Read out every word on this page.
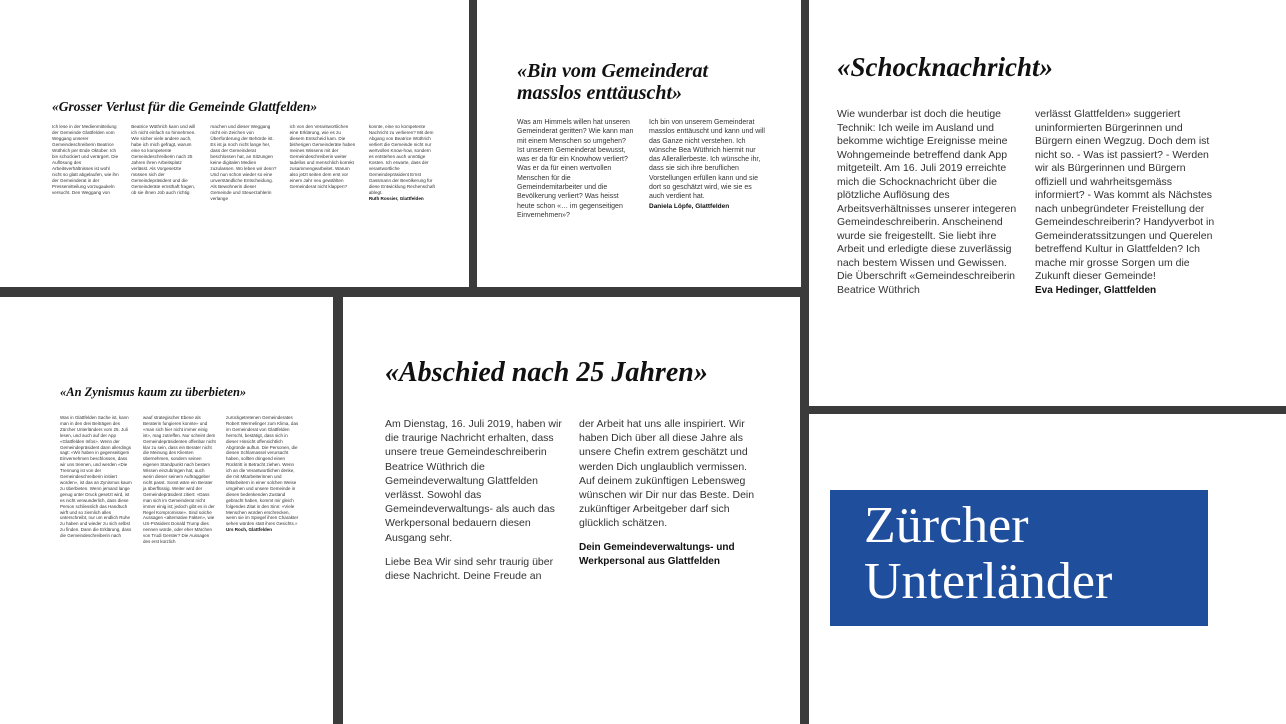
«Grosser Verlust für die Gemeinde Glattfelden»
Ich lese in der Medienmitteilung der Gemeinde Glattfelden vom Weggang unserer Gemeindeschreiberin Beatrice Wüthrich per Ende Oktober. Ich bin schockiert und verärgert. Die Auflösung des Arbeitsverhältnisses ist wohl nicht so glatt abgelaufen, wie ihn der Gemeinderat in der Pressemitteilung vorzugaukeln versucht. Den Weggang von
Beatrice Wüthrich kann und will ich nicht einfach so hinnehmen. Wie sicher viele andere auch, habe ich mich gefragt, warum eine so kompetente Gemeindeschreiberin nach 25 Jahren ihren Arbeitsplatz verlässt. Als Vorgesetzte müssen sich der Gemeindepräsident und die Gemeinderäte ernsthaft fragen, ob sie ihnen Job auch richtig
machen und dieser Weggang nicht ein Zeichen von Überforderung der Behörde ist. Es ist ja noch nicht lange her, dass der Gemeinderat beschlossen hat, an Sitzungen keine digitalen Medien zuzulassen. Wo leben wir denn? Und nun schon wieder so eine unverständliche Entscheidung. Als Bewohnerin dieser Gemeinde und Steuerzahlerin verlange
ich von den Verantwortlichen eine Erklärung, wie es zu diesem Entscheid kam. Die bisherigen Gemeinderäte haben meines Wissens mit der Gemeindeschreiberin weiter tadellos und menschlich korrekt zusammengearbeitet. Warum also jetzt seiten dem erst vor einem Jahr neu gewählten Gemeinderat nicht klappen?
konnte, eine so kompetente Nachricht zu verlieren? Mit dem Abgang von Beatrice Wüthrich verliert die Gemeinde nicht nur wertvolles Know-how, sondern es entstehen auch unnötige Kosten. Ich erwarte, dass der verantwortliche Gemeindepräsident Ernst Gassmann der Bevölkerung für diese Entwicklung Rechenschaft ablegt.
Ruth Rossier, Glattfelden
«Bin vom Gemeinderat masslos enttäuscht»
Was am Himmels willen hat unseren Gemeinderat geritten? Wie kann man mit einem Menschen so umgehen? Ist unserem Gemeinderat bewusst, was er da für ein Knowhow verliert? Was er da für einen wertvollen Menschen für die Gemeindemitarbeiter und die Bevölkerung verliert? Was heisst heute schon «… im gegenseitigen Einvernehmen»?
Ich bin von unserem Gemeinderat masslos enttäuscht und kann und will das Ganze nicht verstehen. Ich wünsche Bea Wüthrich hiermit nur das Allerallerbeste. Ich wünsche ihr, dass sie sich ihre beruflichen Vorstellungen erfüllen kann und sie dort so geschätzt wird, wie sie es auch verdient hat.
Daniela Löpfe, Glattfelden
«Schocknachricht»
Wie wunderbar ist doch die heutige Technik: Ich weile im Ausland und bekomme wichtige Ereignisse meine Wohngemeinde betreffend dank App mitgeteilt. Am 16. Juli 2019 erreichte mich die Schocknachricht über die plötzliche Auflösung des Arbeitsverhältnisses unserer integeren Gemeindeschreiberin. Anscheinend wurde sie freigestellt. Sie liebt ihre Arbeit und erledigte diese zuverlässig nach bestem Wissen und Gewissen. Die Überschrift «Gemeindeschreiberin Beatrice Wüthrich
verlässt Glattfelden» suggeriert uninformierten Bürgerinnen und Bürgern einen Wegzug. Doch dem ist nicht so. - Was ist passiert? - Werden wir als Bürgerinnen und Bürgern offiziell und wahrheitsgemäss informiert? - Was kommt als Nächstes nach unbegründeter Freistellung der Gemeindeschreiberin? Handyverbot in Gemeinderatssitzungen und Querelen betreffend Kultur in Glattfelden? Ich mache mir grosse Sorgen um die Zukunft dieser Gemeinde!
Eva Hedinger, Glattfelden
«An Zynismus kaum zu überbieten»
Was in Glattfelden Sache ist, kann man in den drei Beiträgen des Zürcher Unterländers vom 25. Juli lesen, und auch auf der App «Glattfelden Infos». Wenn der Gemeindepräsident dann allerdings sagt: «Wir haben in gegenseitigem Einvernehmen beschlossen, dass wir uns trennen, und werden «Die Trennung ist von der Gemeindeschreiberin initiiert worden», ist das an Zynismus kaum zu überbieten. Wenn jemand lange genug unter Druck gesetzt wird, ist es nicht verwunderlich, dass diese Person schliesslich das Handtuch wirft und so ziemlich alles unterschreibt, nur um endlich Ruhe zu haben und wieder zu sich selbst zu finden. Dann die Erklärung, dass die Gemeindeschreiberin nach
wauf strategischer Ebene als Beraterin fungieren konnte» und «man sich hier nicht immer einig ist», mag zutreffen. Nur scheint dem Gemeindepräsidenten offenbar nicht klar zu sein, dass ein Berater nicht die Meinung des Klienten übernehmen, sondern seinen eigenen Standpunkt nach bestem Wissen einzubringen hat, auch wenn dieser seinem Auftraggeber nicht passt. Sonst wäre ein Berater ja überflüssig. Weiter wird der Gemeindepräsident zitiert: «Dass man sich im Gemeinderat nicht immer einig ist; jedoch gibt es in der Regel Kompromisse». Sind solche Aussagen «alternative Fakten», wie US-Präsident Donald Trump dies nennen würde, oder eher Märchen von Trudi Gerster? Die Aussagen des erst kürzlich
zurückgetretenen Gemeinderates Robert Wermelinger zum Klima, das im Gemeinderat von Glattfelden herrscht, bestätigt, dass sich in dieser Hinsicht offensichtlich Abgründe auftun. Die Personen, die diesen Schlamassel verursacht haben, sollten dringend einen Rücktritt in Betracht ziehen. Wenn ich an die Verantwortlichen denke, die mit Mitarbeiterinnen und Mitarbeitern in einer solchen Weise umgehen und unsere Gemeinde in diesen bedenkenden Zustand gebracht haben, kommt mir gleich folgendes Zitat in den Sinn: «Viele Menschen würden erschrecken, wenn sie im Spiegel ihren Charakter sehen würden statt ihres Gesichts.»
Urs Roch, Glattfelden
«Abschied nach 25 Jahren»

Am Dienstag, 16. Juli 2019, haben wir die traurige Nachricht erhalten, dass unsere treue Gemeindeschreiberin Beatrice Wüthrich die Gemeindeverwaltung Glattfelden verlässt. Sowohl das Gemeindeverwaltungs- als auch das Werkpersonal bedauern diesen Ausgang sehr.

Liebe Bea Wir sind sehr traurig über diese Nachricht. Deine Freude an

der Arbeit hat uns alle inspiriert. Wir haben Dich über all diese Jahre als unsere Chefin extrem geschätzt und werden Dich unglaublich vermissen. Auf deinem zukünftigen Lebensweg wünschen wir Dir nur das Beste. Dein zukünftiger Arbeitgeber darf sich glücklich schätzen.

Dein Gemeindeverwaltungs- und Werkpersonal aus Glattfelden

Zürcher
Unterländer
